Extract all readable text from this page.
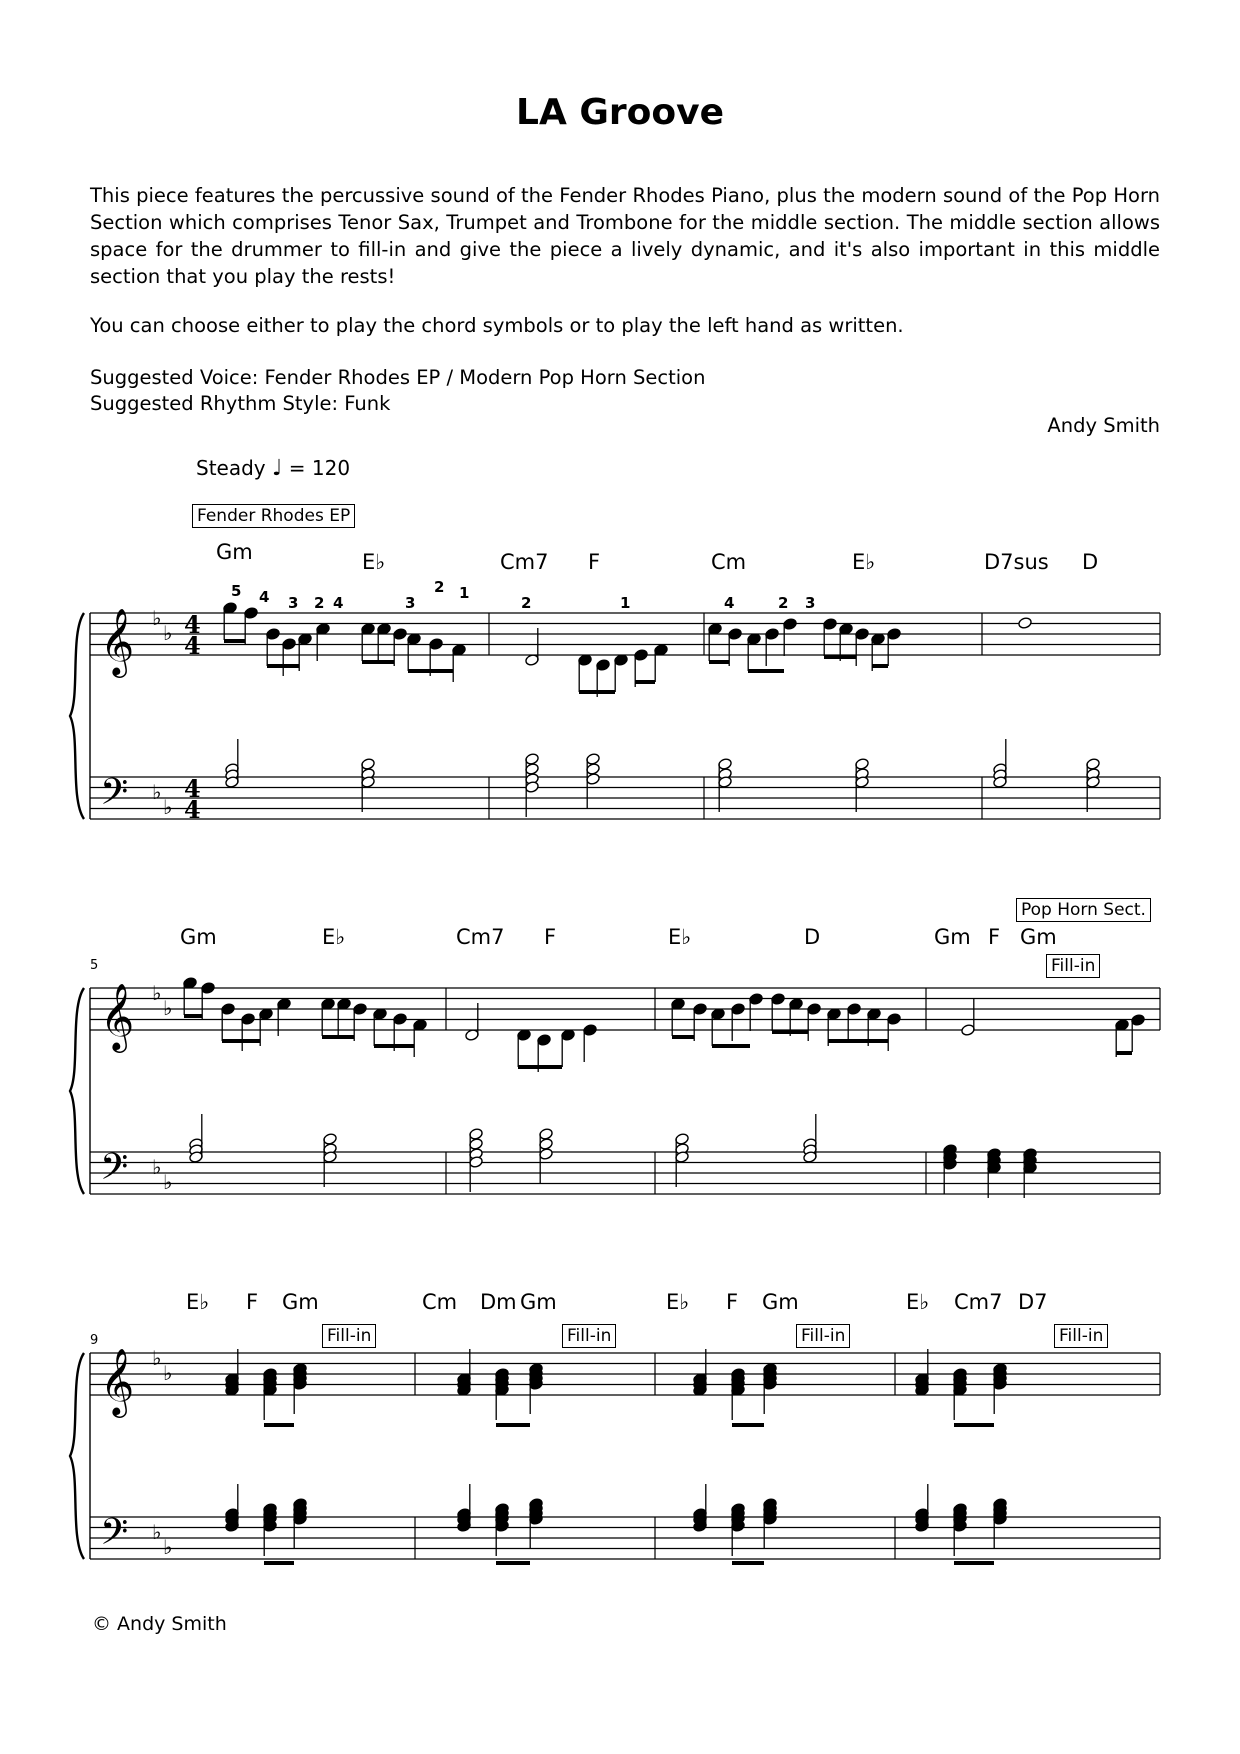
LA Groove

This piece features the percussive sound of the Fender Rhodes Piano, plus the modern sound of the Pop Horn Section which comprises Tenor Sax, Trumpet and Trombone for the middle section. The middle section allows space for the drummer to fill-in and give the piece a lively dynamic, and it's also important in this middle section that you play the rests!

You can choose either to play the chord symbols or to play the left hand as written.
Suggested Voice: Fender Rhodes EP / Modern Pop Horn Section
Suggested Rhythm Style: Funk
Andy Smith
Steady ♩ = 120
Fender Rhodes EP
Pop Horn Sect.
Gm	E♭	Cm7 F	Cm	E♭	D7sus D
5 4 3 2 4	3
2 1
2	1	4	2 3
5
Gm	E♭	Cm7 F	E♭	D	Gm F Gm
Fill-in
9
E♭ F Gm	Cm Dm Gm	E♭ F Gm	E♭ Cm7 D7
Fill-in	Fill-in	Fill-in	Fill-in
𝄞
𝄢
♭
♭
♭
♭
4
4
4
4
𝄞
𝄢
♭
♭
♭
♭
𝄞
𝄢
♭
♭
♭
♭
© Andy Smith
